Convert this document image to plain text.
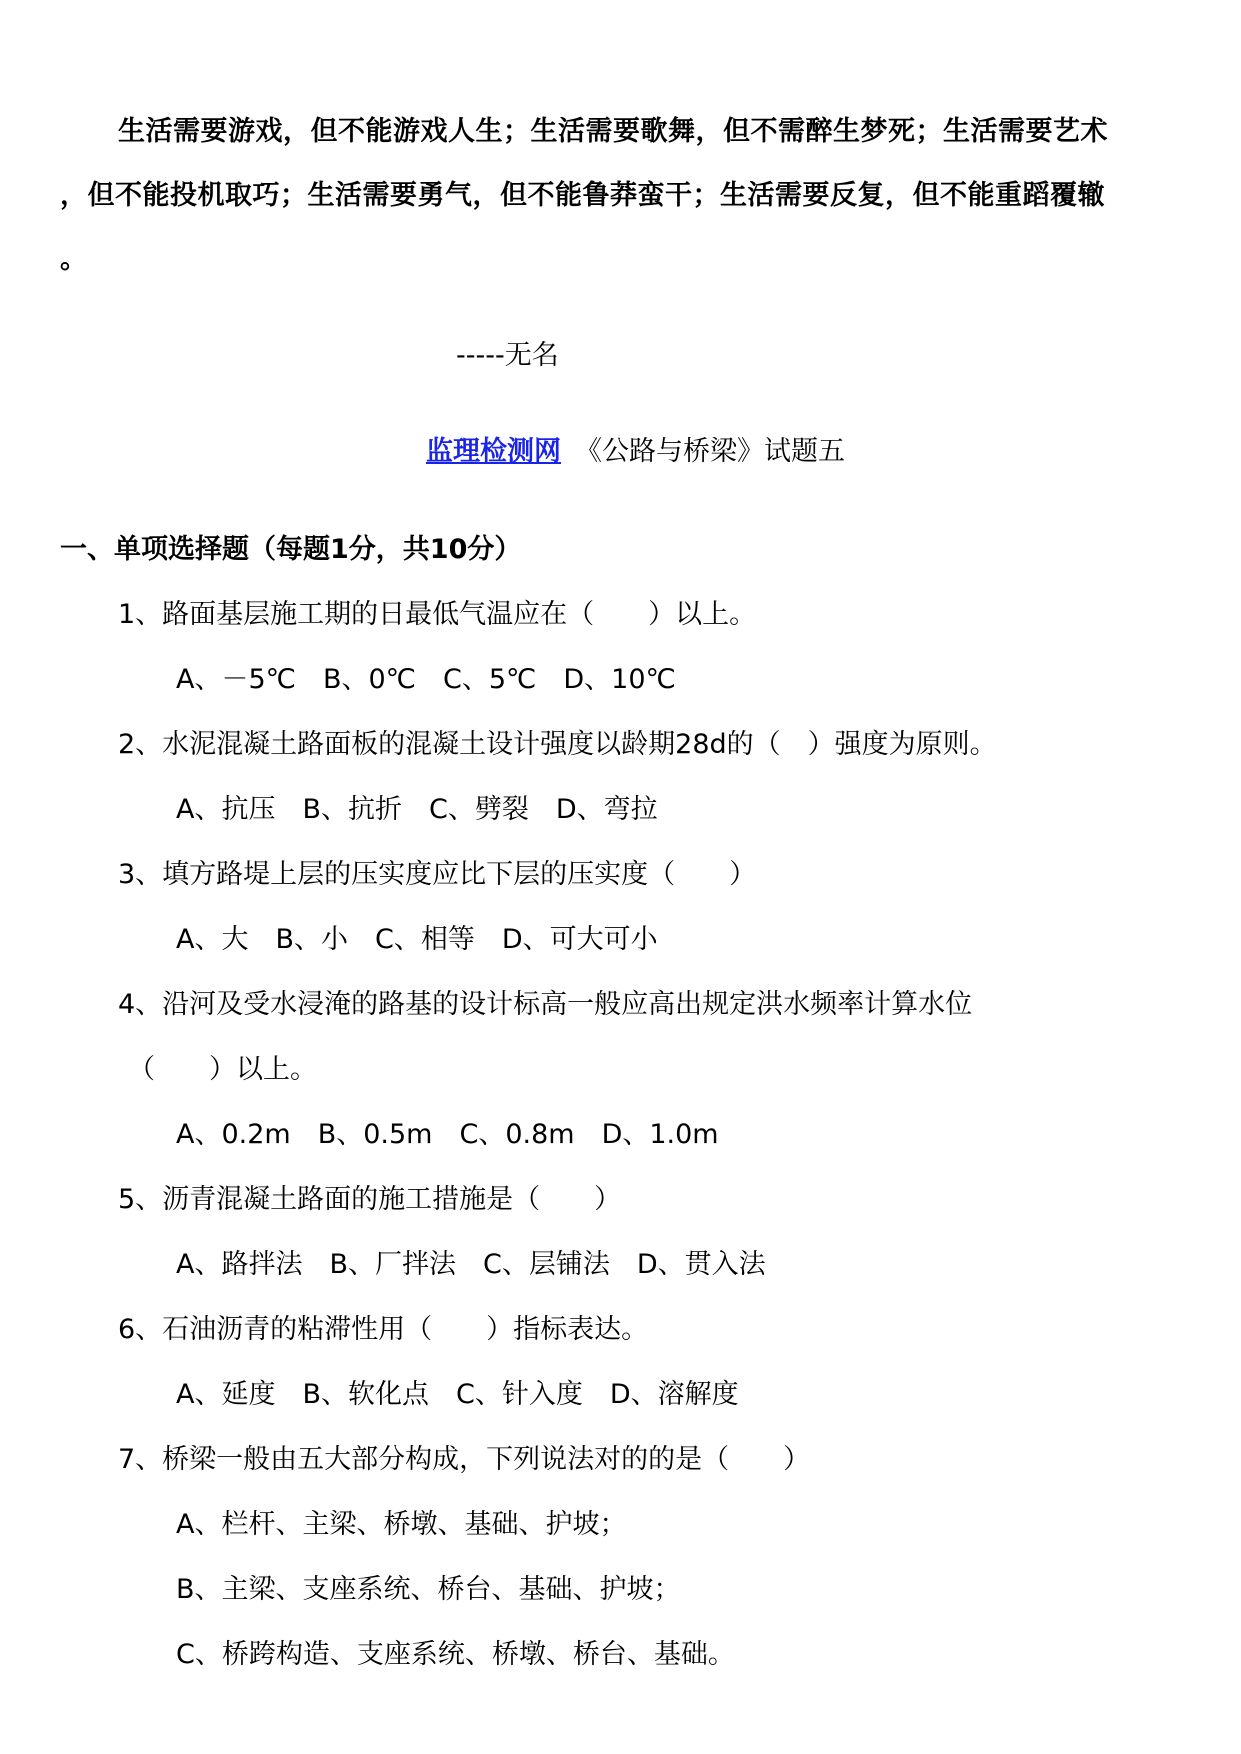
生活需要游戏，但不能游戏人生；生活需要歌舞，但不需醉生梦死；生活需要艺术
，但不能投机取巧；生活需要勇气，但不能鲁莽蛮干；生活需要反复，但不能重蹈覆辙
。
-----无名
监理检测网 《公路与桥梁》试题五
一、单项选择题（每题1分，共10分）
1、路面基层施工期的日最低气温应在（　　）以上。
A、－5℃　B、0℃　C、5℃　D、10℃
2、水泥混凝土路面板的混凝土设计强度以龄期28d的（　）强度为原则。
A、抗压　B、抗折　C、劈裂　D、弯拉
3、填方路堤上层的压实度应比下层的压实度（　　）
A、大　B、小　C、相等　D、可大可小
4、沿河及受水浸淹的路基的设计标高一般应高出规定洪水频率计算水位
（　　）以上。
A、0.2m　B、0.5m　C、0.8m　D、1.0m
5、沥青混凝土路面的施工措施是（　　）
A、路拌法　B、厂拌法　C、层铺法　D、贯入法
6、石油沥青的粘滞性用（　　）指标表达。
A、延度　B、软化点　C、针入度　D、溶解度
7、桥梁一般由五大部分构成，下列说法对的的是（　　）
A、栏杆、主梁、桥墩、基础、护坡；
B、主梁、支座系统、桥台、基础、护坡；
C、桥跨构造、支座系统、桥墩、桥台、基础。
